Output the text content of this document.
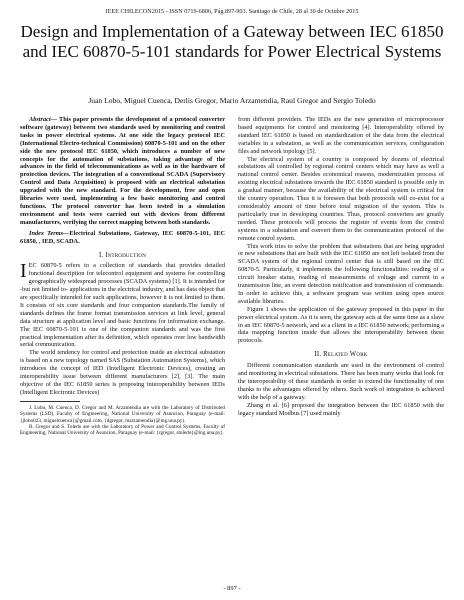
IEEE CHILECON2015 - ISSN 0719-6806, Pág.897-903. Santiago de Chile, 28 al 30 de Octubre 2015
Design and Implementation of a Gateway between IEC 61850 and IEC 60870-5-101 standards for Power Electrical Systems
Juan Lobo, Miguel Cuenca, Derlis Gregor, Mario Arzamendia, Raul Gregor and Sergio Toledo

Abstract— This paper presents the development of a protocol converter software (gateway) between two standards used by monitoring and control tasks in power electrical systems. At one side the legacy protocol IEC (International Electro-technical Commission) 60870-5-101 and on the other side the new protocol IEC 61850, which introduces a number of new concepts for the automation of substations, taking advantage of the advances in the field of telecommunications as well as in the hardware of protection devices. The integration of a conventional SCADA (Supervisory Control and Data Acquisition) is proposed with an electrical substation upgraded with the new standard. For the development, free and open libraries were used, implementing a few basic monitoring and control functions. The protocol converter has been tested in a simulation environment and tests were carried out with devices from different manufacturers, verifying the correct mapping between both standards.

Index Terms—Electrical Substations, Gateway, IEC 60870-5-101, IEC 61850, , IED, SCADA.

I. Introduction

IEC 60870-5 refers to a collection of standards that provides detailed functional description for telecontrol equipment and systems for controlling geographically widespread processes (SCADA systems) [1]. It is intended for -but not limited to- applications in the electrical industry, and has data object that are specifically intended for such applications, however it is not limited to them. It consists of six core standards and four companion standards.The family of standards defines the frame format transmission services at link level, general data structure at application level and basic functions for information exchange. The IEC 60870-5-101 is one of the companion standards and was the first practical implementation after its definition, which operates over low bandwidth serial communication.

The world tendency for control and protection inside an electrical substation is based on a new topology named SAS (Substation Automation Systems), which introduces the concept of IED (Intelligent Electronic Devices), creating an interoperability issue between different manufacturers [2], [3]. The main objective of the IEC 61850 series is proposing interoperability between IEDs (Intelligent Electronic Devices)

J. Lobo, M. Cuenca, D. Gregor and M. Arzamendia are with the Laboratory of Distributed Systems (LSD), Faculty of Engineering, National University of Asuncion, Paraguay (e-mail: {jlobo023, miguelcuenca}@gmail.com, {dgregor, marzamendia}@ing.una.py).

R. Gregor and S. Toledo are with the Laboratory of Power and Control Systems, Faculty of Engineering, National University of Asuncion, Paraguay (e-mail: {rgregor, stoledo}@ing.una.py).

from different providers. The IEDs are the new generation of microprocessor based equipments for control and monitoring [4]. Interoperability offered by standard IEC 61850 is based on standardization of the data from the electrical variables in a substation, as well as the communication services, configuration files and network topology [5].

The electrical system of a country is composed by dozens of electrical substations all controlled by regional control centers which may have as well a national control center. Besides economical reasons, modernization process of existing electrical substations towards the IEC 61850 standard is possible only in a gradual manner, because the availability of the electrical system is critical for the country operation. Thus it is foreseen that both protocols will co-exist for a considerably amount of time before total migration of the system. This is particularly true in developing countries. Thus, protocol converters are greatly needed. These protocols will process the register of events from the control systems in a substation and convert them to the communication protocol of the remote control system.

This work tries to solve the problem that substations that are being upgraded or new substations that are built with the IEC 61850 are not left isolated from the SCADA system of the regional control center that is still based on the IEC 60870-5. Particularly, it implements the following functionalities: reading of a circuit breaker status, reading of measurements of voltage and current in a transmission line, an event detection notification and transmission of commands. In order to achieve this, a software program was written using open source available libraries.

Figure 1 shows the application of the gateway proposed in this paper in the power electrical system. As it is seen, the gateway acts at the same time as a slave in an IEC 60870-5 network, and as a client in a IEC 61850 network; performing a data mapping function inside that allows the interoperability between these protocols.

II. Related Work

Different communication standards are used in the environment of control and monitoring in electrical substations. There has been many works that look for the interoperability of these standards in order to extend the functionality of one thanks to the advantages offered by others. Such work of integration is achieved with the help of a gateway.

Zhang et al. [6] proposed the integration between the IEC 61850 with the legacy standard Modbus [7] used mainly

- 897 -
